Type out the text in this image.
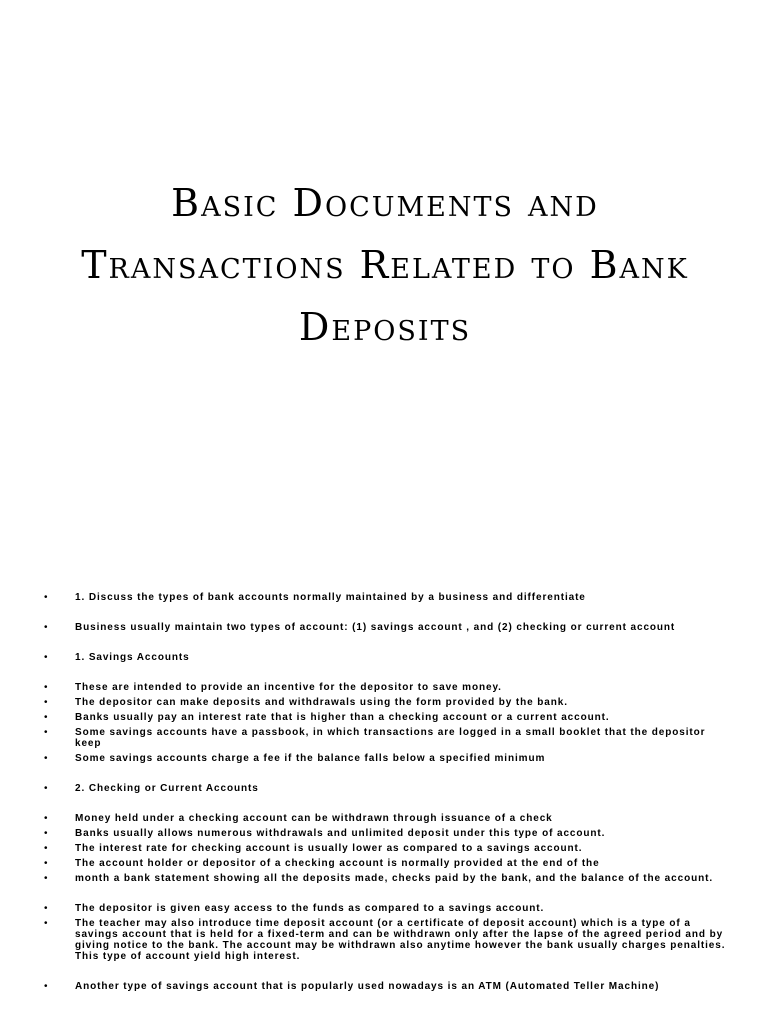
Basic Documents and Transactions Related to Bank Deposits
•	1. Discuss the types of bank accounts normally maintained by a business and differentiate
•	Business usually maintain two types of account: (1) savings account , and (2) checking or current account
•	1. Savings Accounts
•	These are intended to provide an incentive for the depositor to save money.
•	The depositor can make deposits and withdrawals using the form provided by the bank.
•	Banks usually pay an interest rate that is higher than a checking account or a current account.
•	Some savings accounts have a passbook, in which transactions are logged in a small booklet that the depositor keep
•	Some savings accounts charge a fee if the balance falls below a specified minimum
•	2. Checking or Current Accounts
•	Money held under a checking account can be withdrawn through issuance of a check
•	Banks usually allows numerous withdrawals and unlimited deposit under this type of account.
•	The interest rate for checking account is usually lower as compared to a savings account.
•	The account holder or depositor of a checking account is normally provided at the end of the
•	month a bank statement showing all the deposits made, checks paid by the bank, and the balance of the account.
•	The depositor is given easy access to the funds as compared to a savings account.
•	The teacher may also introduce time deposit account (or a certificate of deposit account) which is a type of a savings account that is held for a fixed-term and can be withdrawn only after the lapse of the agreed period and by giving notice to the bank. The account may be withdrawn also anytime however the bank usually charges penalties. This type of account yield high interest.
•	Another type of savings account that is popularly used nowadays is an ATM (Automated Teller Machine)
